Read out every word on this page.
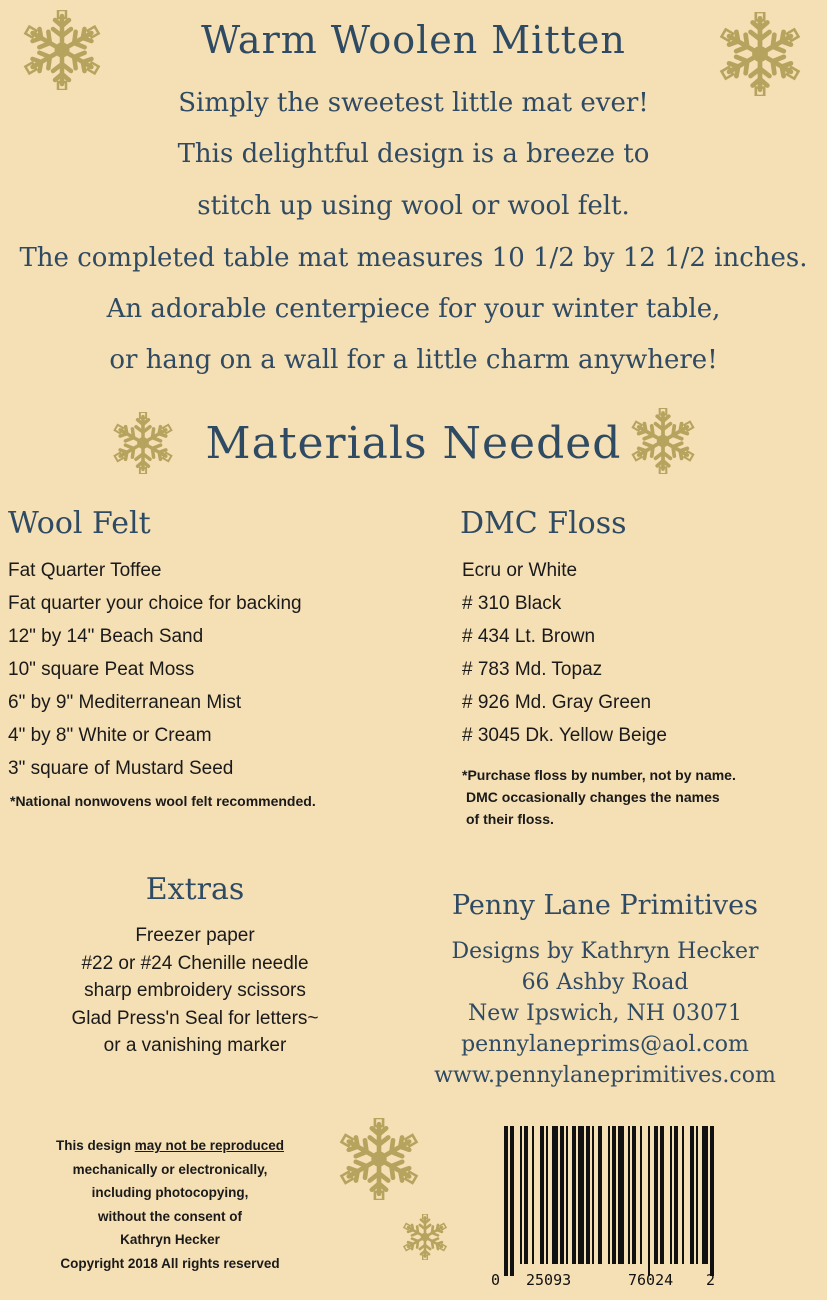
Warm Woolen Mitten
Simply the sweetest little mat ever!
This delightful design is a breeze to
stitch up using wool or wool felt.
The completed table mat measures 10 1/2 by 12 1/2 inches.
An adorable centerpiece for your winter table,
or hang on a wall for a little charm anywhere!
Materials Needed
Wool Felt
Fat Quarter Toffee
Fat quarter your choice for backing
12" by 14" Beach Sand
10" square Peat Moss
6" by 9" Mediterranean Mist
4" by 8" White or Cream
3" square of Mustard Seed
*National nonwovens wool felt recommended.
DMC Floss
Ecru or White
# 310 Black
# 434 Lt. Brown
# 783 Md. Topaz
# 926 Md. Gray Green
# 3045 Dk. Yellow Beige
*Purchase floss by number, not by name.
DMC occasionally changes the names
of their floss.
Extras
Freezer paper
#22 or #24 Chenille needle
sharp embroidery scissors
Glad Press'n Seal for letters~
or a vanishing marker
Penny Lane Primitives
Designs by Kathryn Hecker
66 Ashby Road
New Ipswich, NH 03071
pennylaneprims@aol.com
www.pennylaneprimitives.com
This design may not be reproduced
mechanically or electronically,
including photocopying,
without the consent of
Kathryn Hecker
Copyright 2018 All rights reserved
0 25093	76024 2
